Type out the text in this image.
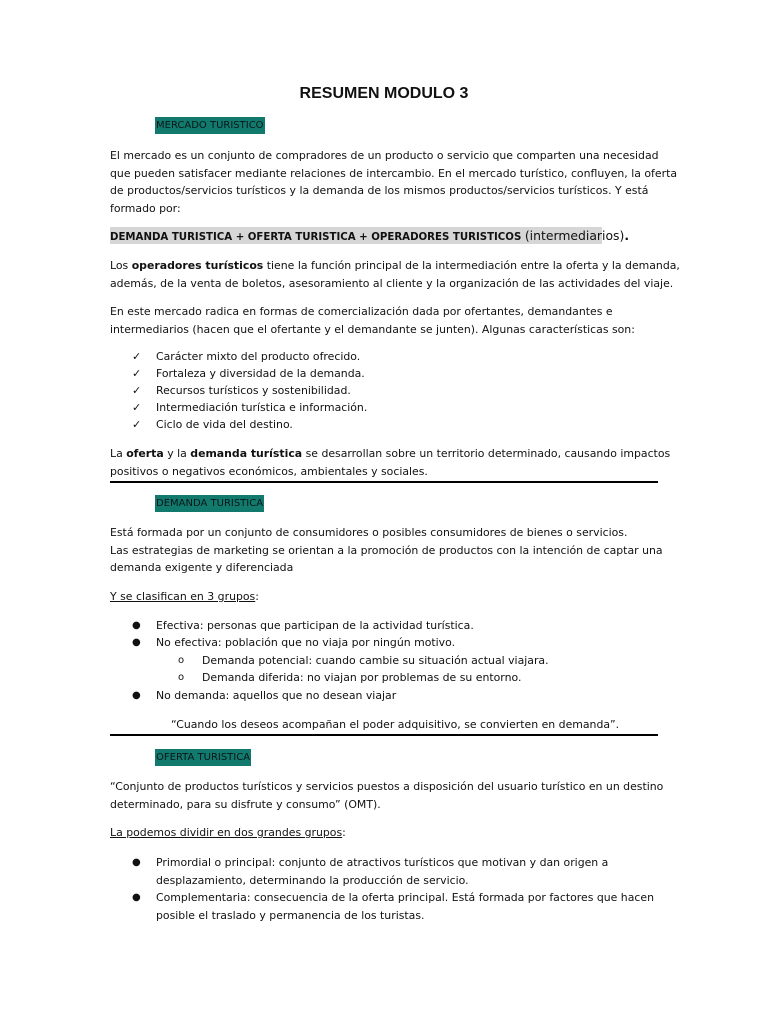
RESUMEN MODULO 3
MERCADO TURISTICO
El mercado es un conjunto de compradores de un producto o servicio que comparten una necesidad
que pueden satisfacer mediante relaciones de intercambio. En el mercado turístico, confluyen, la oferta
de productos/servicios turísticos y la demanda de los mismos productos/servicios turísticos. Y está
formado por:
DEMANDA TURISTICA + OFERTA TURISTICA + OPERADORES TURISTICOS (intermediarios).
Los operadores turísticos tiene la función principal de la intermediación entre la oferta y la demanda,
además, de la venta de boletos, asesoramiento al cliente y la organización de las actividades del viaje.
En este mercado radica en formas de comercialización dada por ofertantes, demandantes e
intermediarios (hacen que el ofertante y el demandante se junten). Algunas características son:
✓	Carácter mixto del producto ofrecido.
✓	Fortaleza y diversidad de la demanda.
✓	Recursos turísticos y sostenibilidad.
✓	Intermediación turística e información.
✓	Ciclo de vida del destino.
La oferta y la demanda turística se desarrollan sobre un territorio determinado, causando impactos
positivos o negativos económicos, ambientales y sociales.
DEMANDA TURISTICA
Está formada por un conjunto de consumidores o posibles consumidores de bienes o servicios.
Las estrategias de marketing se orientan a la promoción de productos con la intención de captar una
demanda exigente y diferenciada
Y se clasifican en 3 grupos:
● Efectiva: personas que participan de la actividad turística.
● No efectiva: población que no viaja por ningún motivo.
o	Demanda potencial: cuando cambie su situación actual viajara.
o	Demanda diferida: no viajan por problemas de su entorno.
● No demanda: aquellos que no desean viajar
“Cuando los deseos acompañan el poder adquisitivo, se convierten en demanda”.
OFERTA TURISTICA
“Conjunto de productos turísticos y servicios puestos a disposición del usuario turístico en un destino
determinado, para su disfrute y consumo” (OMT).
La podemos dividir en dos grandes grupos:
● Primordial o principal: conjunto de atractivos turísticos que motivan y dan origen a
desplazamiento, determinando la producción de servicio.
● Complementaria: consecuencia de la oferta principal. Está formada por factores que hacen
posible el traslado y permanencia de los turistas.
